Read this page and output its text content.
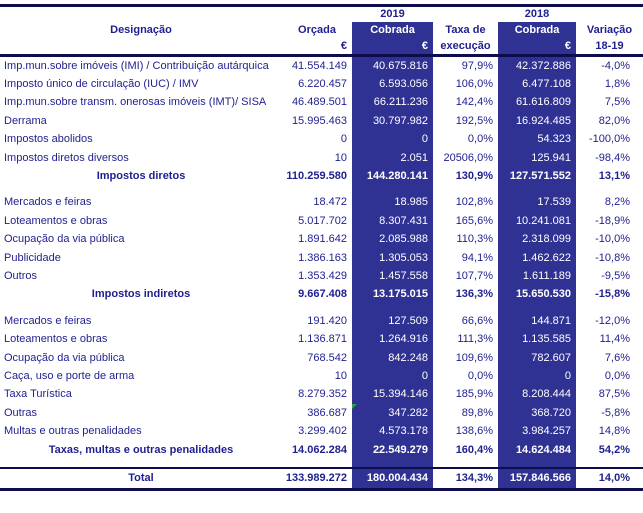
		2019		2018	
Designação	Orçada	Cobrada	Taxa de	Cobrada	Variação
	€	€	execução	€	18-19
Imp.mun.sobre imóveis (IMI) / Contribuição autárquica	41.554.149	40.675.816	97,9%	42.372.886	-4,0%
Imposto único de circulação (IUC) / IMV	6.220.457	6.593.056	106,0%	6.477.108	1,8%
Imp.mun.sobre transm. onerosas imóveis (IMT)/ SISA	46.489.501	66.211.236	142,4%	61.616.809	7,5%
Derrama	15.995.463	30.797.982	192,5%	16.924.485	82,0%
Impostos abolidos	0	0	0,0%	54.323	-100,0%
Impostos diretos diversos	10	2.051	20506,0%	125.941	-98,4%
Impostos diretos	110.259.580	144.280.141	130,9%	127.571.552	13,1%

Mercados e feiras	18.472	18.985	102,8%	17.539	8,2%
Loteamentos e obras	5.017.702	8.307.431	165,6%	10.241.081	-18,9%
Ocupação da via pública	1.891.642	2.085.988	110,3%	2.318.099	-10,0%
Publicidade	1.386.163	1.305.053	94,1%	1.462.622	-10,8%
Outros	1.353.429	1.457.558	107,7%	1.611.189	-9,5%
Impostos indiretos	9.667.408	13.175.015	136,3%	15.650.530	-15,8%

Mercados e feiras	191.420	127.509	66,6%	144.871	-12,0%
Loteamentos e obras	1.136.871	1.264.916	111,3%	1.135.585	11,4%
Ocupação da via pública	768.542	842.248	109,6%	782.607	7,6%
Caça, uso e porte de arma	10	0	0,0%	0	0,0%
Taxa Turística	8.279.352	15.394.146	185,9%	8.208.444	87,5%
Outras	386.687	347.282	89,8%	368.720	-5,8%
Multas e outras penalidades	3.299.402	4.573.178	138,6%	3.984.257	14,8%
Taxas, multas e outras penalidades	14.062.284	22.549.279	160,4%	14.624.484	54,2%

Total	133.989.272	180.004.434	134,3%	157.846.566	14,0%
